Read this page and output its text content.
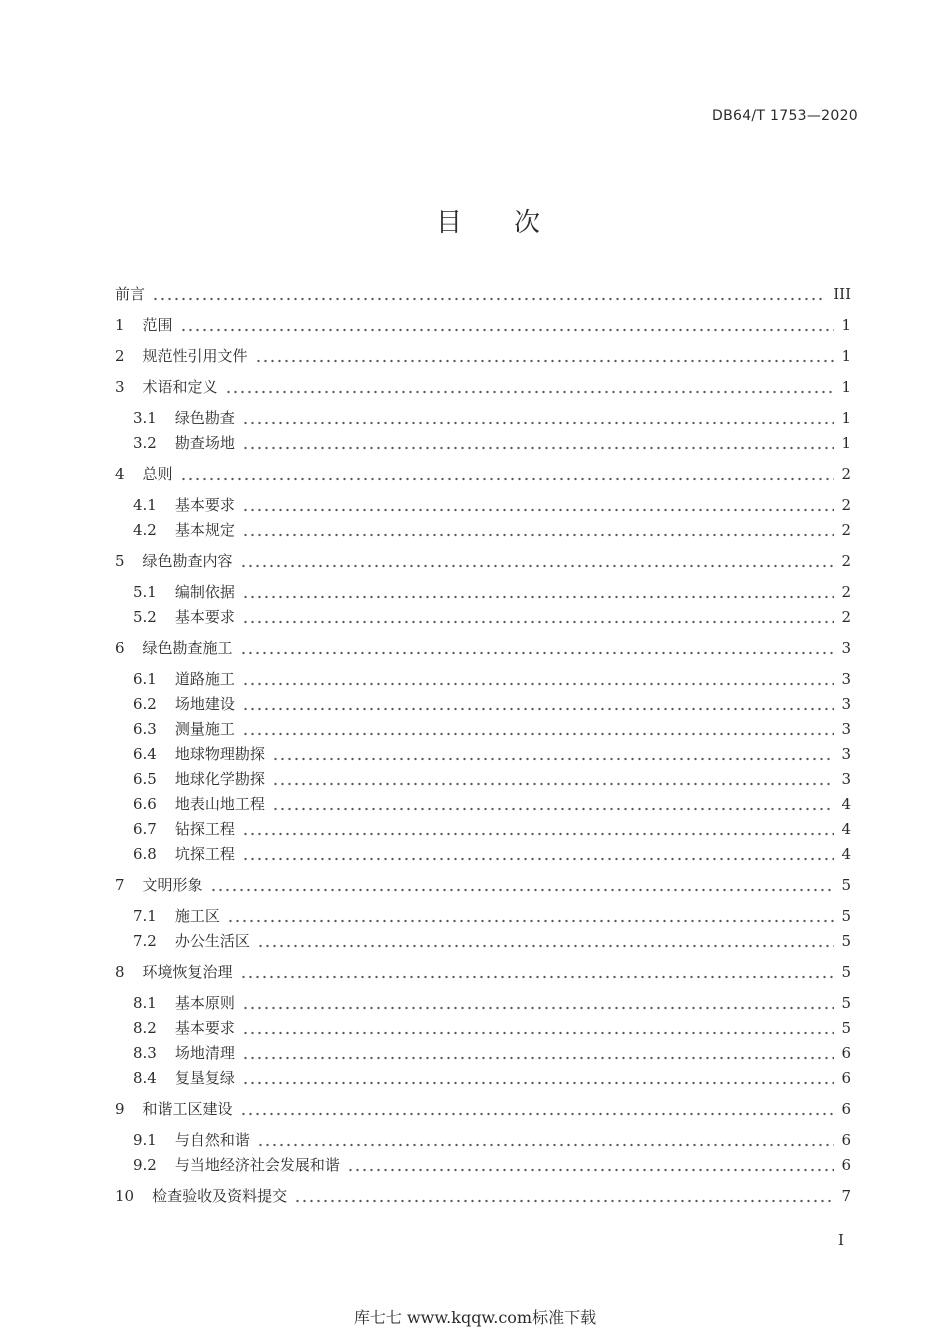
DB64/T 1753—2020
目次
前言	III
1 范围	1
2 规范性引用文件	1
3 术语和定义	1
3.1 绿色勘查	1
3.2 勘查场地	1
4 总则	2
4.1 基本要求	2
4.2 基本规定	2
5 绿色勘查内容	2
5.1 编制依据	2
5.2 基本要求	2
6 绿色勘查施工	3
6.1 道路施工	3
6.2 场地建设	3
6.3 测量施工	3
6.4 地球物理勘探	3
6.5 地球化学勘探	3
6.6 地表山地工程	4
6.7 钻探工程	4
6.8 坑探工程	4
7 文明形象	5
7.1 施工区	5
7.2 办公生活区	5
8 环境恢复治理	5
8.1 基本原则	5
8.2 基本要求	5
8.3 场地清理	6
8.4 复垦复绿	6
9 和谐工区建设	6
9.1 与自然和谐	6
9.2 与当地经济社会发展和谐	6
10 检查验收及资料提交	7
I
库七七 www.kqqw.com标准下载
